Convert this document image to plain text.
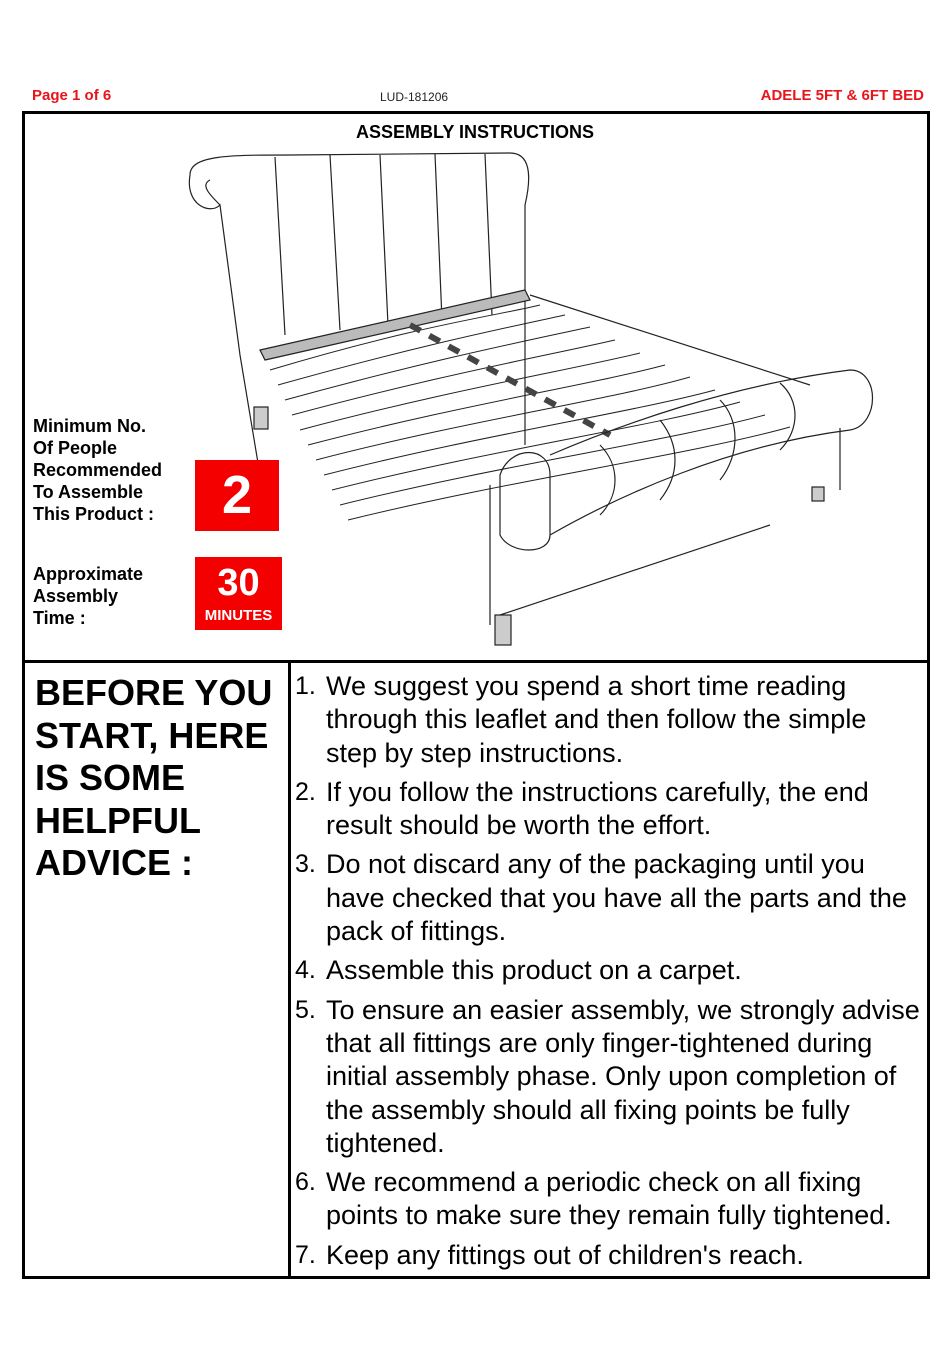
Page 1 of 6	LUD-181206	ADELE 5FT & 6FT BED
ASSEMBLY INSTRUCTIONS
Minimum No.
Of People
Recommended
To Assemble
This Product :	2
Approximate
Assembly
Time :
30
MINUTES
BEFORE YOU
START, HERE
IS SOME
HELPFUL
ADVICE :
1. We suggest you spend a short time reading through this leaflet and then follow the simple step by step instructions.
2. If you follow the instructions carefully, the end result should be worth the effort.
3. Do not discard any of the packaging until you have checked that you have all the parts and the pack of fittings.
4. Assemble this product on a carpet.
5. To ensure an easier assembly, we strongly advise that all fittings are only finger-tightened during initial assembly phase. Only upon completion of the assembly should all fixing points be fully tightened.
6. We recommend a periodic check on all fixing points to make sure they remain fully tightened.
7. Keep any fittings out of children's reach.
